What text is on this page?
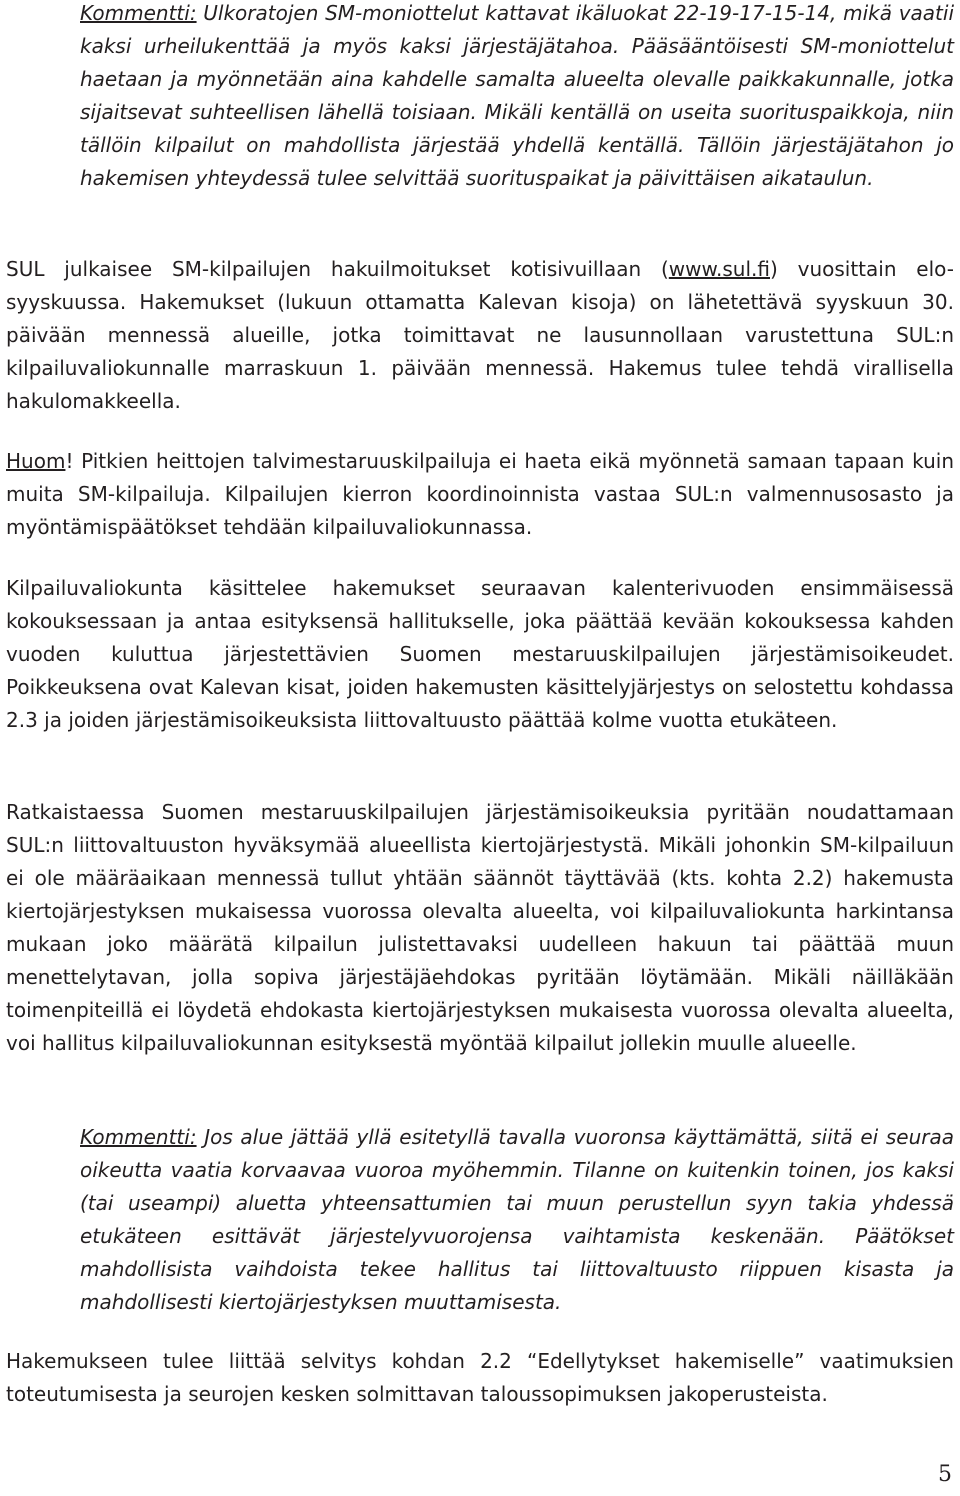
Kommentti: Ulkoratojen SM-moniottelut kattavat ikäluokat 22-19-17-15-14, mikä vaatii kaksi urheilukenttää ja myös kaksi järjestäjätahoa. Pääsääntöisesti SM-moniottelut haetaan ja myönnetään aina kahdelle samalta alueelta olevalle paikkakunnalle, jotka sijaitsevat suhteellisen lähellä toisiaan. Mikäli kentällä on useita suorituspaikkoja, niin tällöin kilpailut on mahdollista järjestää yhdellä kentällä. Tällöin järjestäjätahon jo hakemisen yhteydessä tulee selvittää suorituspaikat ja päivittäisen aikataulun.

SUL julkaisee SM-kilpailujen hakuilmoitukset kotisivuillaan (www.sul.fi) vuosittain elo-syyskuussa. Hakemukset (lukuun ottamatta Kalevan kisoja) on lähetettävä syyskuun 30. päivään mennessä alueille, jotka toimittavat ne lausunnollaan varustettuna SUL:n kilpailuvaliokunnalle marraskuun 1. päivään mennessä. Hakemus tulee tehdä virallisella hakulomakkeella.

Huom! Pitkien heittojen talvimestaruuskilpailuja ei haeta eikä myönnetä samaan tapaan kuin muita SM-kilpailuja. Kilpailujen kierron koordinoinnista vastaa SUL:n valmennusosasto ja myöntämispäätökset tehdään kilpailuvaliokunnassa.

Kilpailuvaliokunta käsittelee hakemukset seuraavan kalenterivuoden ensimmäisessä kokouksessaan ja antaa esityksensä hallitukselle, joka päättää kevään kokouksessa kahden vuoden kuluttua järjestettävien Suomen mestaruuskilpailujen järjestämisoikeudet. Poikkeuksena ovat Kalevan kisat, joiden hakemusten käsittelyjärjestys on selostettu kohdassa 2.3 ja joiden järjestämisoikeuksista liittovaltuusto päättää kolme vuotta etukäteen.

Ratkaistaessa Suomen mestaruuskilpailujen järjestämisoikeuksia pyritään noudattamaan SUL:n liittovaltuuston hyväksymää alueellista kiertojärjestystä. Mikäli johonkin SM-kilpailuun ei ole määräaikaan mennessä tullut yhtään säännöt täyttävää (kts. kohta 2.2) hakemusta kiertojärjestyksen mukaisessa vuorossa olevalta alueelta, voi kilpailuvaliokunta harkintansa mukaan joko määrätä kilpailun julistettavaksi uudelleen hakuun tai päättää muun menettelytavan, jolla sopiva järjestäjäehdokas pyritään löytämään. Mikäli näilläkään toimenpiteillä ei löydetä ehdokasta kiertojärjestyksen mukaisesta vuorossa olevalta alueelta, voi hallitus kilpailuvaliokunnan esityksestä myöntää kilpailut jollekin muulle alueelle.

Kommentti: Jos alue jättää yllä esitetyllä tavalla vuoronsa käyttämättä, siitä ei seuraa oikeutta vaatia korvaavaa vuoroa myöhemmin. Tilanne on kuitenkin toinen, jos kaksi (tai useampi) aluetta yhteensattumien tai muun perustellun syyn takia yhdessä etukäteen esittävät järjestelyvuorojensa vaihtamista keskenään. Päätökset mahdollisista vaihdoista tekee hallitus tai liittovaltuusto riippuen kisasta ja mahdollisesti kiertojärjestyksen muuttamisesta.

Hakemukseen tulee liittää selvitys kohdan 2.2 “Edellytykset hakemiselle” vaatimuksien toteutumisesta ja seurojen kesken solmittavan taloussopimuksen jakoperusteista.

5
